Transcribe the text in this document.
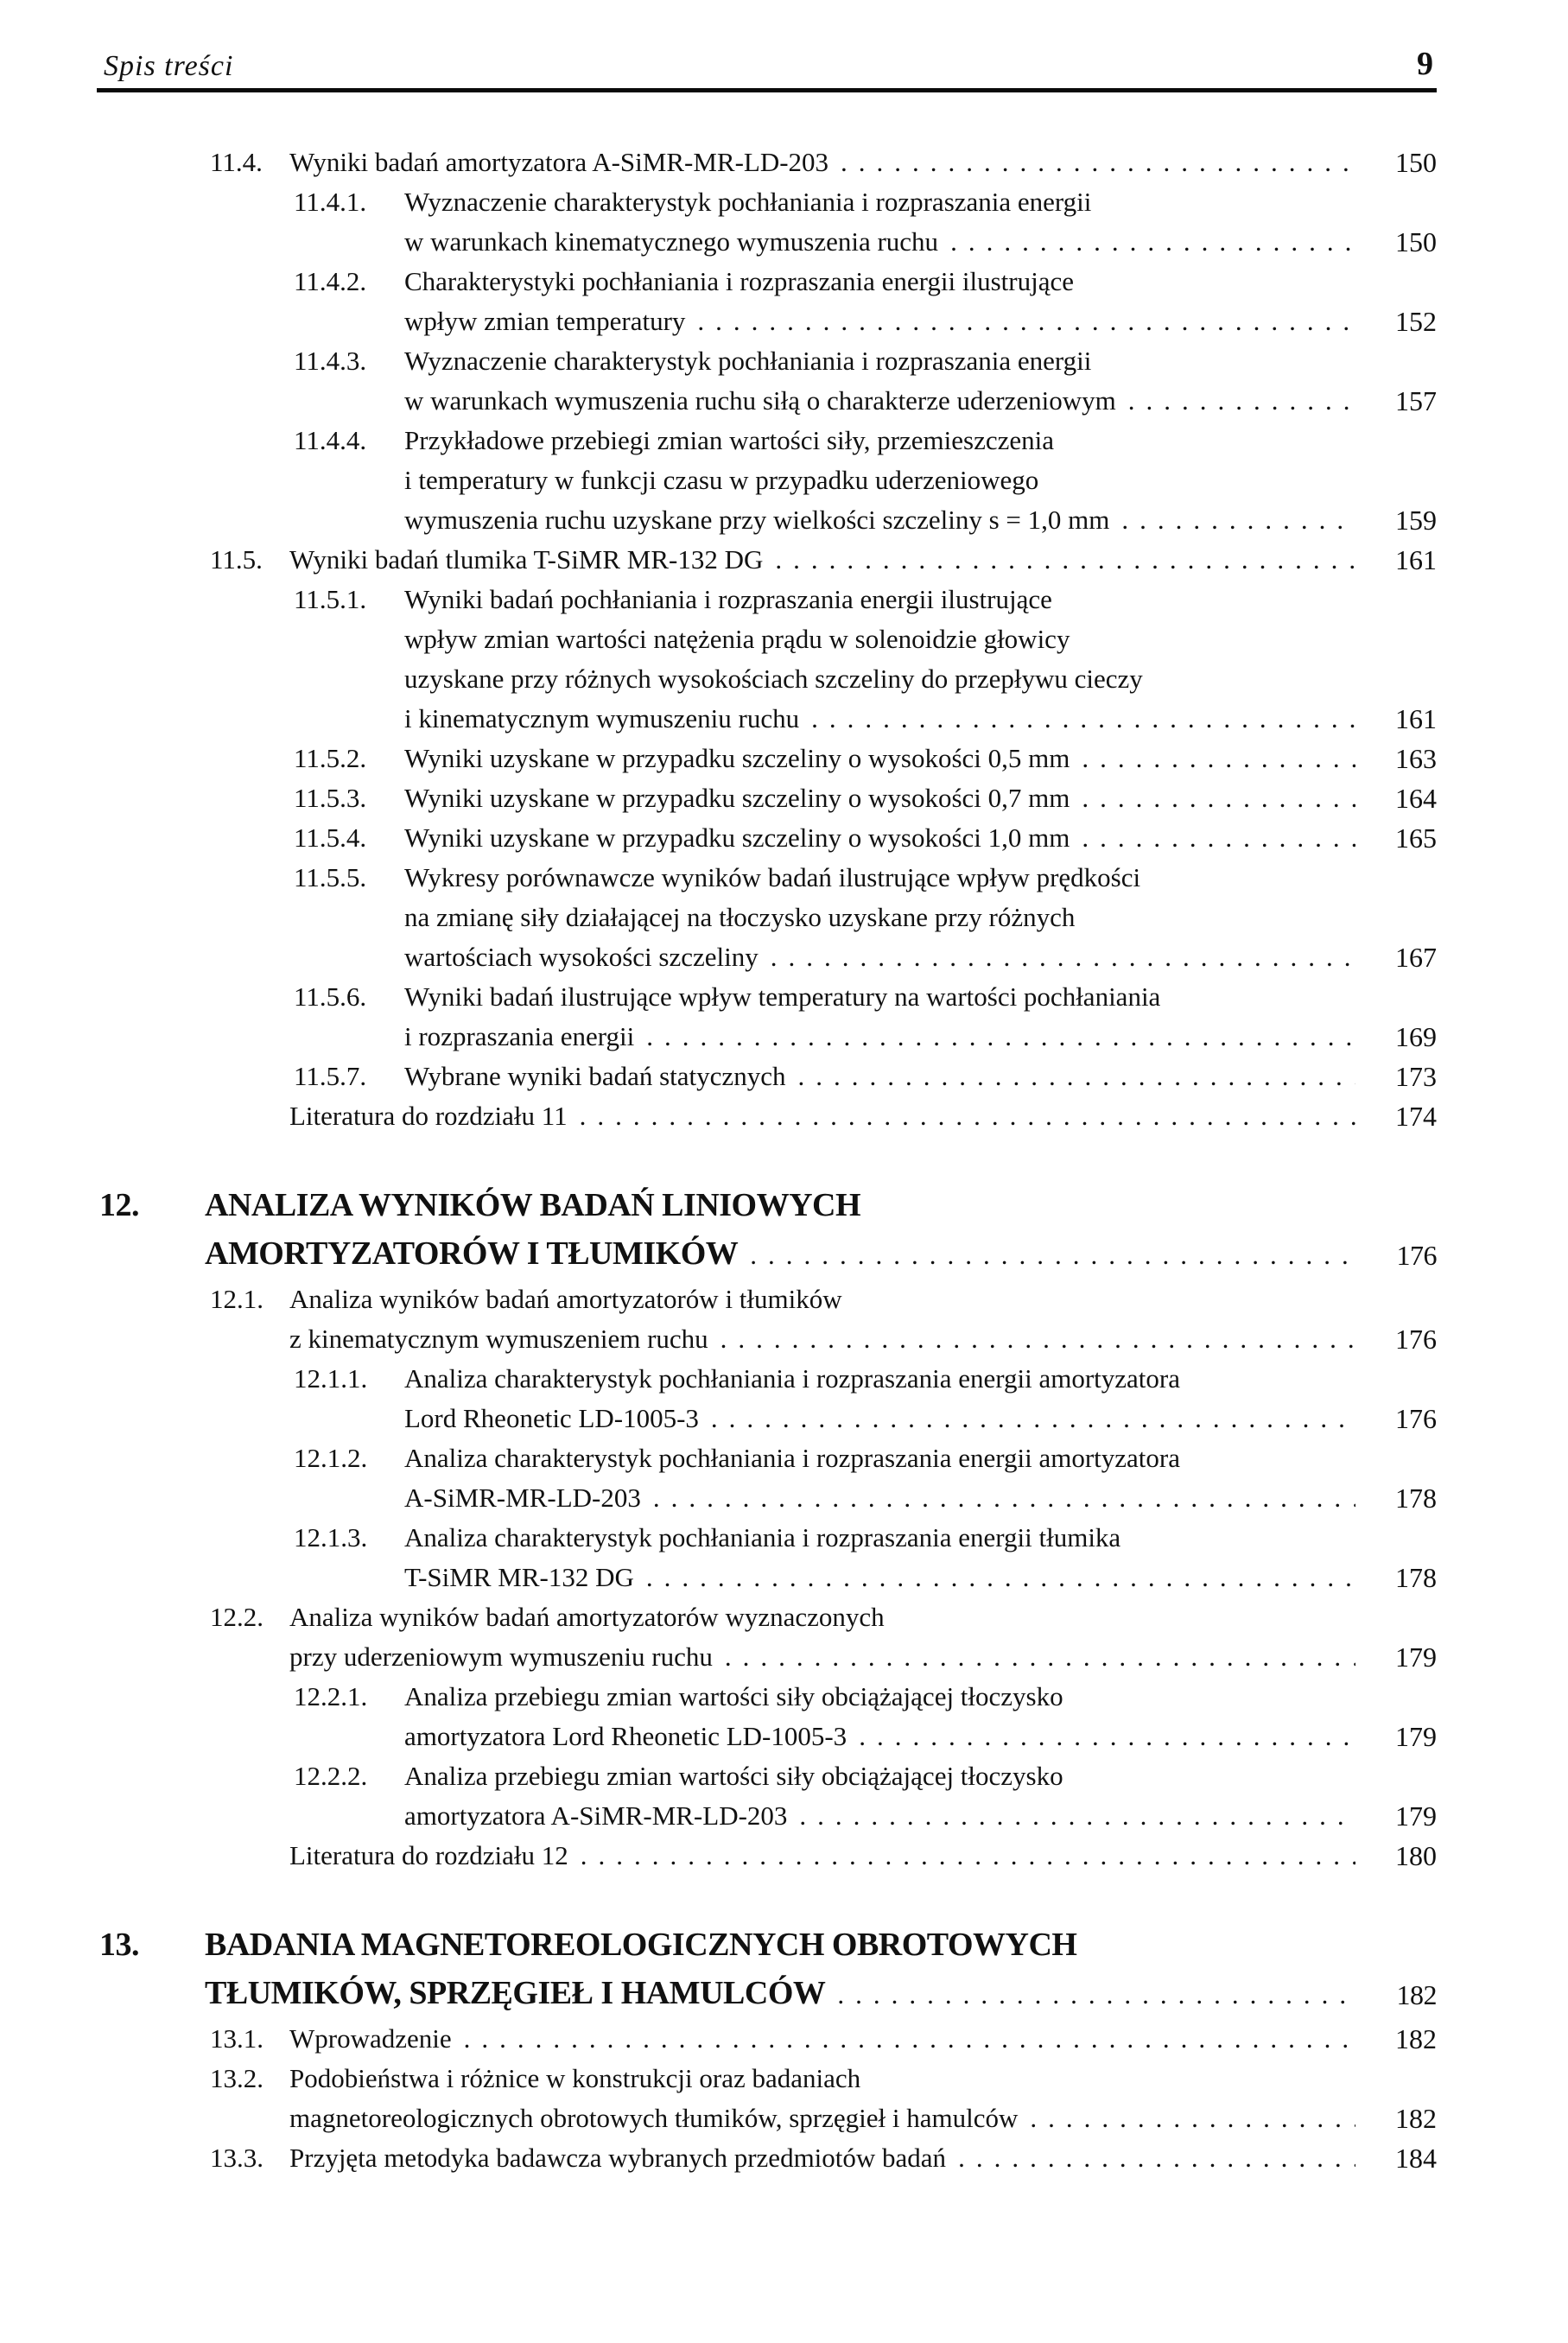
Spis treści	9
11.4.	Wyniki badań amortyzatora A-SiMR-MR-LD-203 .....	150
11.4.1.	Wyznaczenie charakterystyk pochłaniania i rozpraszania energii
w warunkach kinematycznego wymuszenia ruchu .....	150
11.4.2.	Charakterystyki pochłaniania i rozpraszania energii ilustrujące
wpływ zmian temperatury .....	152
11.4.3.	Wyznaczenie charakterystyk pochłaniania i rozpraszania energii
w warunkach wymuszenia ruchu siłą o charakterze uderzeniowym .....	157
11.4.4.	Przykładowe przebiegi zmian wartości siły, przemieszczenia
i temperatury w funkcji czasu w przypadku uderzeniowego
wymuszenia ruchu uzyskane przy wielkości szczeliny s = 1,0 mm .....	159
11.5.	Wyniki badań tlumika T-SiMR MR-132 DG .....	161
11.5.1.	Wyniki badań pochłaniania i rozpraszania energii ilustrujące
wpływ zmian wartości natężenia prądu w solenoidzie głowicy
uzyskane przy różnych wysokościach szczeliny do przepływu cieczy
i kinematycznym wymuszeniu ruchu .....	161
11.5.2.	Wyniki uzyskane w przypadku szczeliny o wysokości 0,5 mm .....	163
11.5.3.	Wyniki uzyskane w przypadku szczeliny o wysokości 0,7 mm .....	164
11.5.4.	Wyniki uzyskane w przypadku szczeliny o wysokości 1,0 mm .....	165
11.5.5.	Wykresy porównawcze wyników badań ilustrujące wpływ prędkości
na zmianę siły działającej na tłoczysko uzyskane przy różnych
wartościach wysokości szczeliny .....	167
11.5.6.	Wyniki badań ilustrujące wpływ temperatury na wartości pochłaniania
i rozpraszania energii .....	169
11.5.7.	Wybrane wyniki badań statycznych .....	173
Literatura do rozdziału 11 .....	174
12.	ANALIZA WYNIKÓW BADAŃ LINIOWYCH
AMORTYZATORÓW I TŁUMIKÓW .....	176
12.1. Analiza wyników badań amortyzatorów i tłumików
z kinematycznym wymuszeniem ruchu .....	176
12.1.1.	Analiza charakterystyk pochłaniania i rozpraszania energii amortyzatora
Lord Rheonetic LD-1005-3 .....	176
12.1.2.	Analiza charakterystyk pochłaniania i rozpraszania energii amortyzatora
A-SiMR-MR-LD-203 .....	178
12.1.3.	Analiza charakterystyk pochłaniania i rozpraszania energii tłumika
T-SiMR MR-132 DG .....	178
12.2. Analiza wyników badań amortyzatorów wyznaczonych
przy uderzeniowym wymuszeniu ruchu .....	179
12.2.1.	Analiza przebiegu zmian wartości siły obciążającej tłoczysko
amortyzatora Lord Rheonetic LD-1005-3 .....	179
12.2.2.	Analiza przebiegu zmian wartości siły obciążającej tłoczysko
amortyzatora A-SiMR-MR-LD-203 .....	179
Literatura do rozdziału 12 .....	180
13.	BADANIA MAGNETOREOLOGICZNYCH OBROTOWYCH
TŁUMIKÓW, SPRZĘGIEŁ I HAMULCÓW .....	182
13.1. Wprowadzenie .....	182
13.2. Podobieństwa i różnice w konstrukcji oraz badaniach
magnetoreologicznych obrotowych tłumików, sprzęgieł i hamulców .....	182
13.3. Przyjęta metodyka badawcza wybranych przedmiotów badań .....	184
